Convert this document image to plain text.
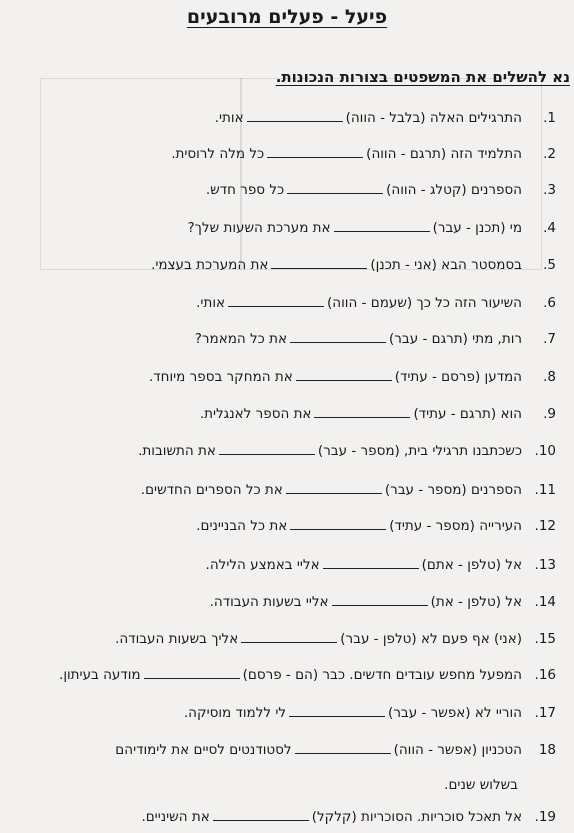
פיעל - פעלים מרובעים
נא להשלים את המשפטים בצורות הנכונות.
1.התרגילים האלה (בלבל - הווה)אותי.
2.התלמיד הזה (תרגם - הווה)כל מלה לרוסית.
3.הספרנים (קטלג - הווה)כל ספר חדש.
4.מי (תכנן - עבר)את מערכת השעות שלך?
5.בסמסטר הבא (אני - תכנן)את המערכת בעצמי.
6.השיעור הזה כל כך (שעמם - הווה)אותי.
7.רות, מתי (תרגם - עבר)את כל המאמר?
8.המדען (פרסם - עתיד)את המחקר בספר מיוחד.
9.הוא (תרגם - עתיד)את הספר לאנגלית.
10.כשכתבנו תרגילי בית, (מספר - עבר)את התשובות.
11.הספרנים (מספר - עבר)את כל הספרים החדשים.
12.העירייה (מספר - עתיד)את כל הבניינים.
13.אל (טלפן - אתם)אליי באמצע הלילה.
14.אל (טלפן - את)אליי בשעות העבודה.
15.(אני) אף פעם לא (טלפן - עבר)אליך בשעות העבודה.
16.המפעל מחפש עובדים חדשים. כבר (הם - פרסם)מודעה בעיתון.
17.הוריי לא (אפשר - עבר)לי ללמוד מוסיקה.
18הטכניון (אפשר - הווה)לסטודנטים לסיים את לימודיהם
19.אל תאכל סוכריות. הסוכריות (קלקל)את השיניים.
בשלוש שנים.
